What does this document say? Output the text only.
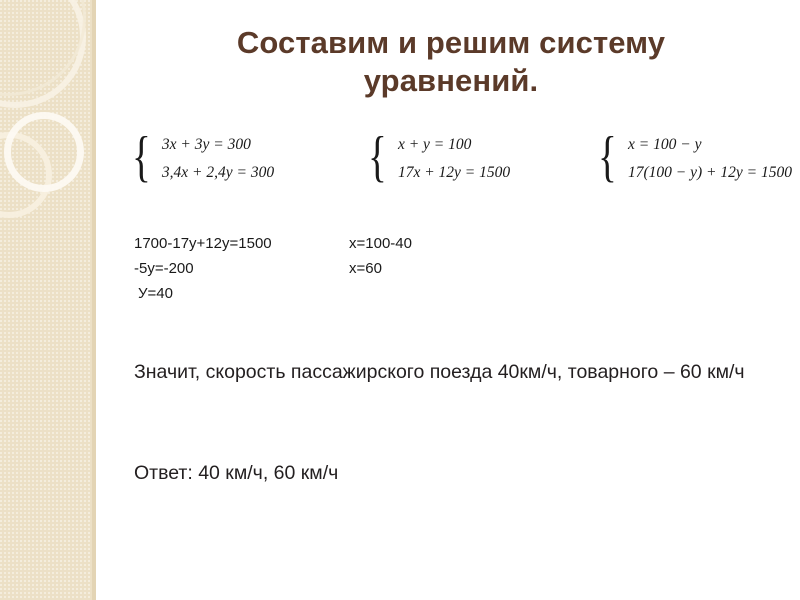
Составим и решим систему уравнений.
{ 3x + 3y = 300
3,4x + 2,4y = 300 { x + y = 100
17x + 12y = 1500 { x = 100 − y
17(100 − y) + 12y = 1500
1700-17у+12у=1500	х=100-40
-5у=-200	х=60
У=40
Значит, скорость пассажирского поезда 40км/ч, товарного – 60 км/ч
Ответ: 40 км/ч, 60 км/ч
